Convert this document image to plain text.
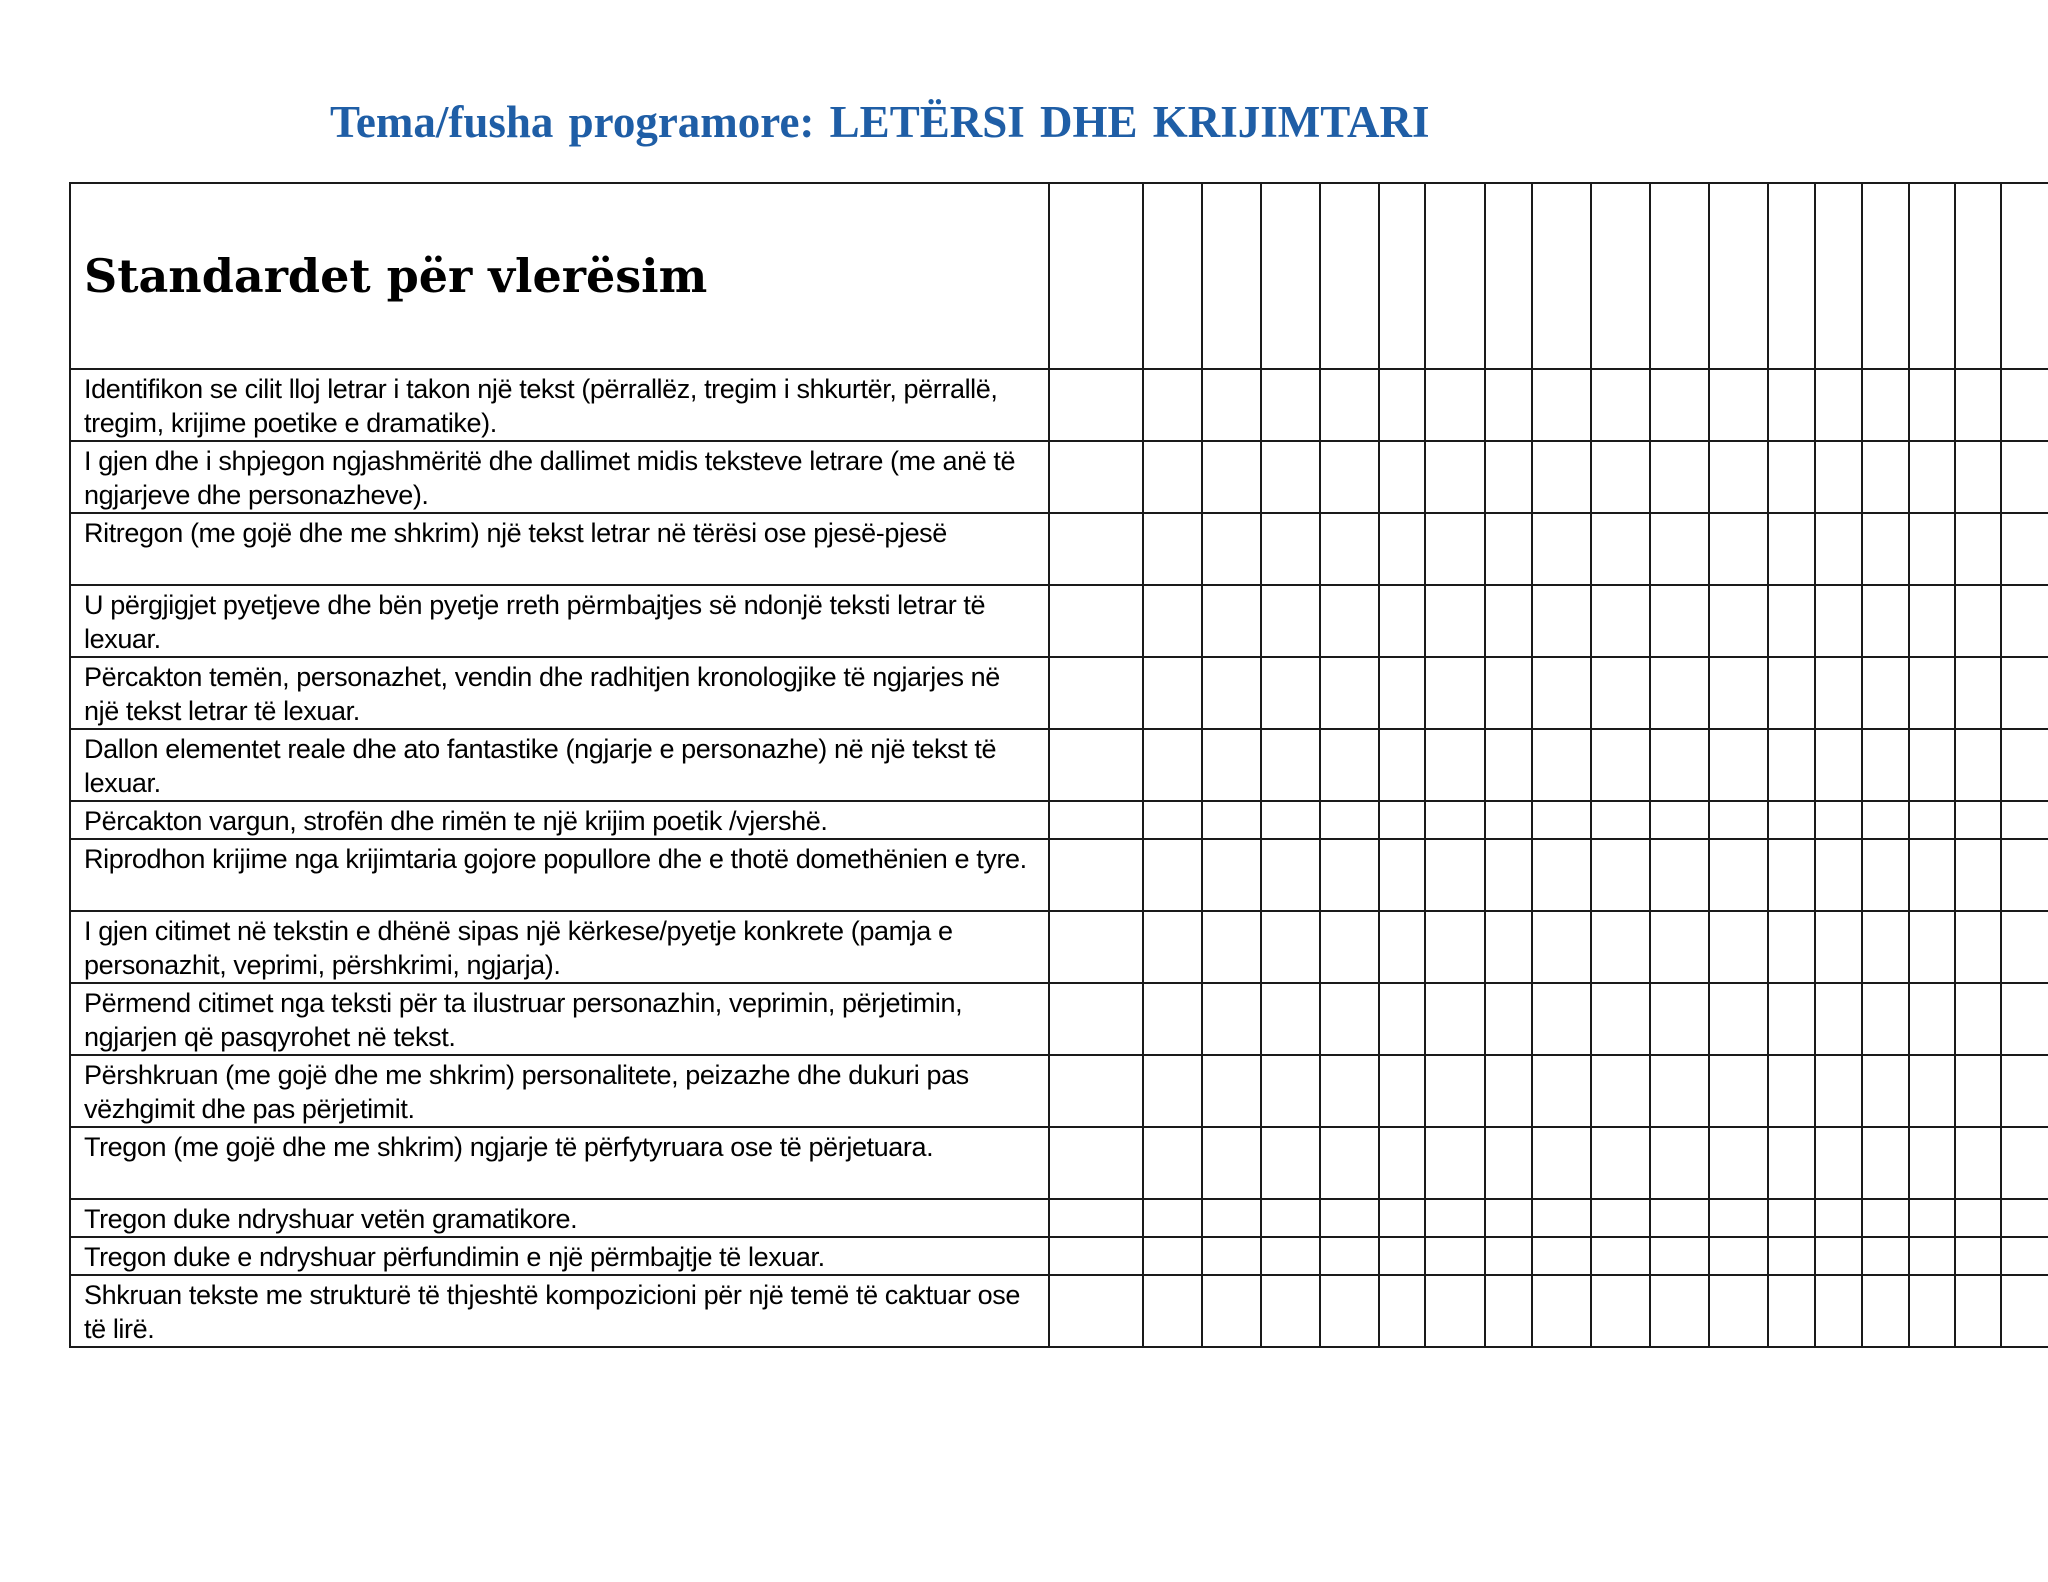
Tema/fusha programore: LETËRSI DHE KRIJIMTARI
Standardet për vlerësim																		
Identifikon se cilit lloj letrar i takon një tekst (përrallëz, tregim i shkurtër, përrallë, tregim, krijime poetike e dramatike).																		
I gjen dhe i shpjegon ngjashmëritë dhe dallimet midis teksteve letrare (me anë të ngjarjeve dhe personazheve).																		
Ritregon (me gojë dhe me shkrim) një tekst letrar në tërësi ose pjesë-pjesë																		
U përgjigjet pyetjeve dhe bën pyetje rreth përmbajtjes së ndonjë teksti letrar të lexuar.																		
Përcakton temën, personazhet, vendin dhe radhitjen kronologjike të ngjarjes në një tekst letrar të lexuar.																		
Dallon elementet reale dhe ato fantastike (ngjarje e personazhe) në një tekst të lexuar.																		
Përcakton vargun, strofën dhe rimën te një krijim poetik /vjershë.																		
Riprodhon krijime nga krijimtaria gojore popullore dhe e thotë domethënien e tyre.																		
I gjen citimet në tekstin e dhënë sipas një kërkese/pyetje konkrete (pamja e personazhit, veprimi, përshkrimi, ngjarja).																		
Përmend citimet nga teksti për ta ilustruar personazhin, veprimin, përjetimin, ngjarjen që pasqyrohet në tekst.																		
Përshkruan (me gojë dhe me shkrim) personalitete, peizazhe dhe dukuri pas vëzhgimit dhe pas përjetimit.																		
Tregon (me gojë dhe me shkrim) ngjarje të përfytyruara ose të përjetuara.																		
Tregon duke ndryshuar vetën gramatikore.																		
Tregon duke e ndryshuar përfundimin e një përmbajtje të lexuar.																		
Shkruan tekste me strukturë të thjeshtë kompozicioni për një temë të caktuar ose të lirë.																		
